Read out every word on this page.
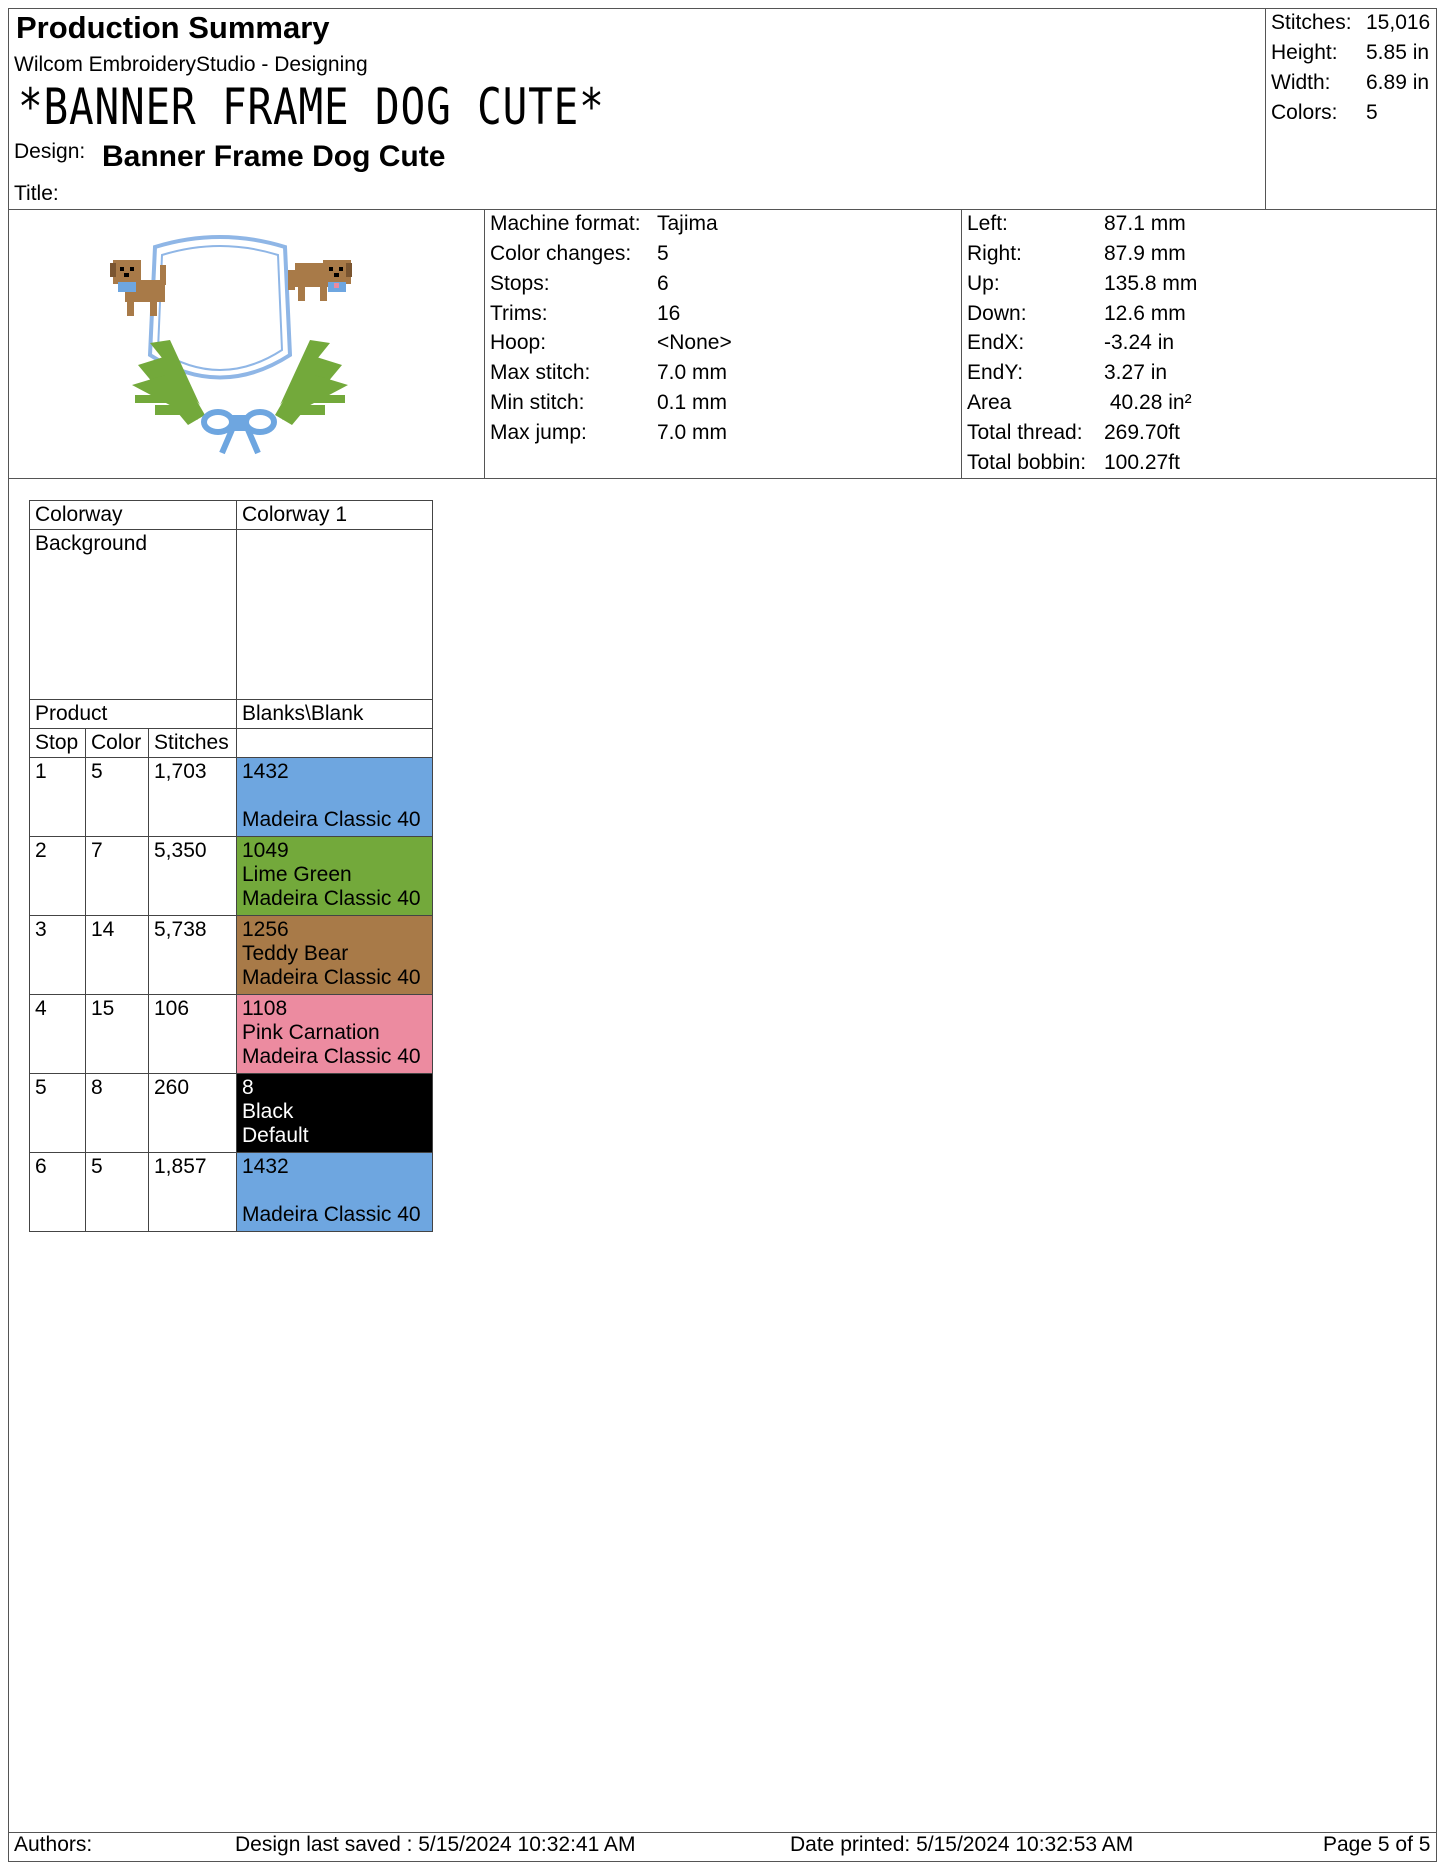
Production Summary
Wilcom EmbroideryStudio - Designing
*BANNER FRAME DOG CUTE*
Design: Banner Frame Dog Cute
Title:
Stitches: 15,016
Height: 5.85 in
Width: 6.89 in
Colors: 5
Machine format: Tajima
Color changes: 5
Stops:	6
Trims:	16
Hoop:	<None>
Max stitch:	7.0 mm
Min stitch:	0.1 mm
Max jump:	7.0 mm
Left:	87.1 mm
Right:	87.9 mm
Up:	135.8 mm
Down:	12.6 mm
EndX:	-3.24 in
EndY:	3.27 in
Area	40.28 in²
Total thread: 269.70ft
Total bobbin: 100.27ft
Colorway			Colorway 1
Background			
Product			Blanks\Blank
Stop	Color	Stitches	
1	5	1,703	1432
Madeira Classic 40

2	7	5,350	1049
Lime Green
Madeira Classic 40

3	14	5,738	1256
Teddy Bear
Madeira Classic 40

4	15	106	1108
Pink Carnation
Madeira Classic 40

5	8	260	8
Black
Default

6	5	1,857	1432
Madeira Classic 40
Authors:	Design last saved : 5/15/2024 10:32:41 AM	Date printed: 5/15/2024 10:32:53 AM	Page 5 of 5
